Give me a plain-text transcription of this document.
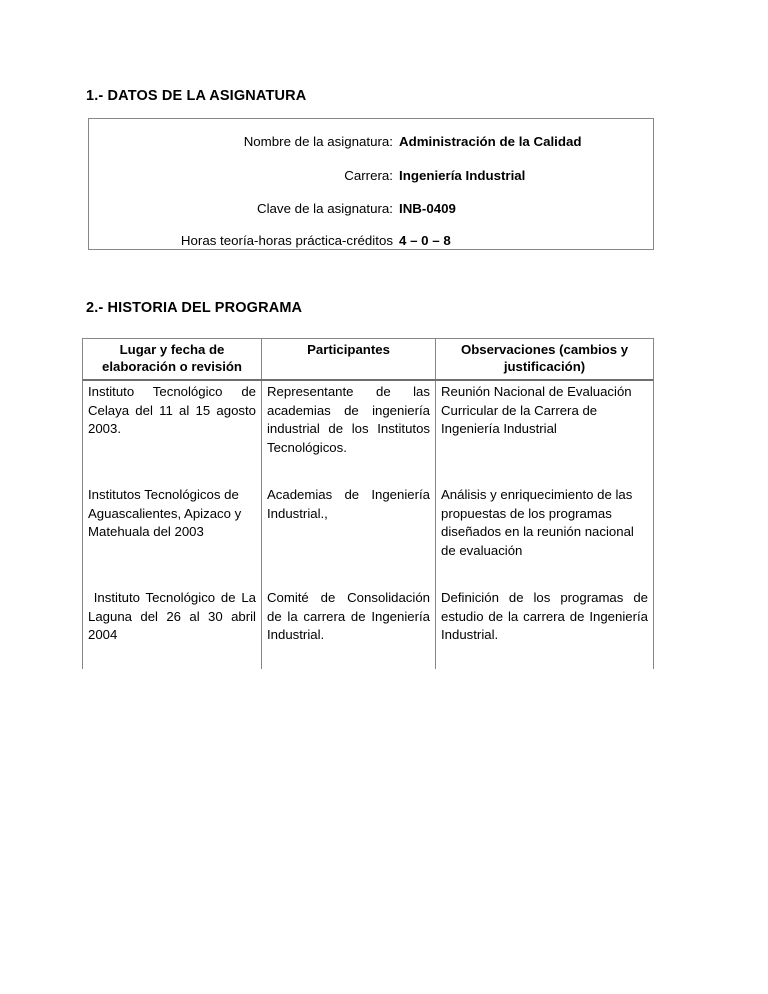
1.- DATOS DE LA ASIGNATURA
Nombre de la asignatura: Administración de la Calidad
Carrera: Ingeniería Industrial
Clave de la asignatura: INB-0409
Horas teoría-horas práctica-créditos 4 – 0 – 8
2.- HISTORIA DEL PROGRAMA
Lugar y fecha de elaboración o revisión
Participantes	Observaciones (cambios y justificación)
Instituto Tecnológico de Celaya del 11 al 15 agosto 2003.
Institutos Tecnológicos de Aguascalientes, Apizaco y Matehuala del 2003
Instituto Tecnológico de La Laguna del 26 al 30 abril 2004
Representante de las academias de ingeniería industrial de los Institutos Tecnológicos.
Academias de Ingeniería Industrial.,
Comité de Consolidación de la carrera de Ingeniería Industrial.
Reunión Nacional de Evaluación Curricular de la Carrera de  Ingeniería Industrial
Análisis y enriquecimiento de las propuestas de los programas diseñados en la reunión nacional de evaluación
Definición de los programas de estudio de la carrera de Ingeniería Industrial.
